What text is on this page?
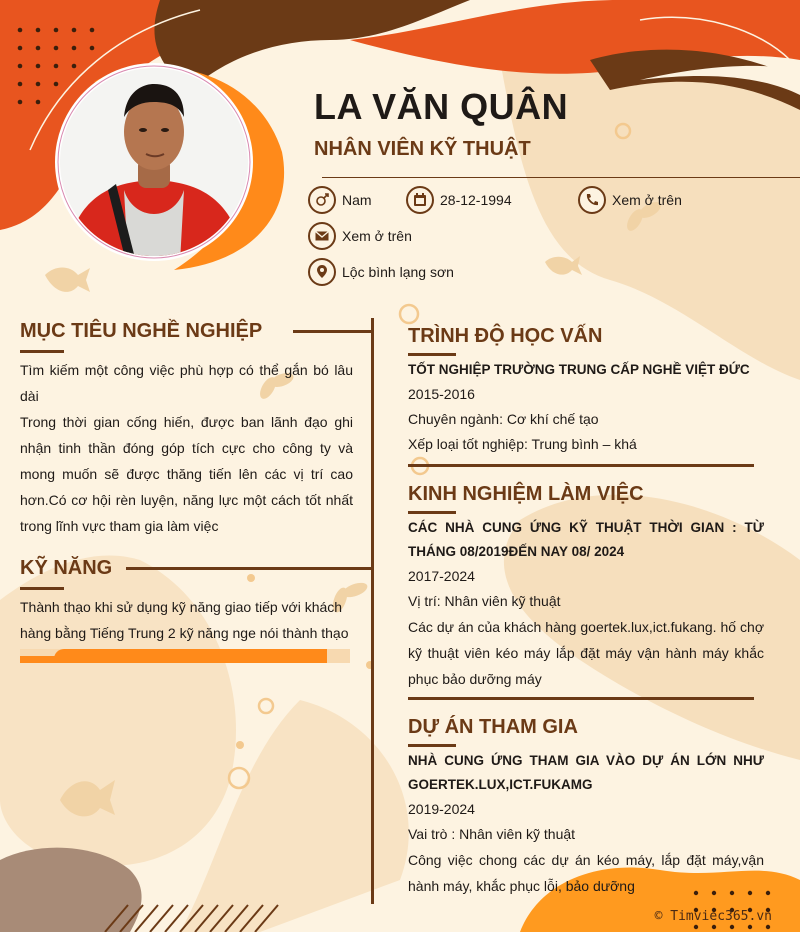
LA VĂN QUÂN
NHÂN VIÊN KỸ THUẬT
Nam	28-12-1994	Xem ở trên
Xem ở trên
Lộc bình lạng sơn
MỤC TIÊU NGHỀ NGHIỆP

Tìm kiếm một công việc phù hợp có thể gắn bó lâu dài

Trong thời gian cống hiến, được ban lãnh đạo ghi nhận tinh thần đóng góp tích cực cho công ty và mong muốn sẽ được thăng tiến lên các vị trí cao hơn.Có cơ hội rèn luyện, năng lực một cách tốt nhất trong lĩnh vực tham gia làm việc

KỸ NĂNG
Thành thạo khi sử dụng kỹ năng giao tiếp với khách hàng bằng Tiếng Trung 2 kỹ năng nge nói thành thạo
TRÌNH ĐỘ HỌC VẤN
TỐT NGHIỆP TRƯỜNG TRUNG CẤP NGHỀ VIỆT ĐỨC
2015-2016
Chuyên ngành: Cơ khí chế tạo
Xếp loại tốt nghiệp: Trung bình – khá
KINH NGHIỆM LÀM VIỆC
CÁC NHÀ CUNG ỨNG KỸ THUẬT THỜI GIAN : TỪ THÁNG 08/2019ĐẾN NAY 08/ 2024
2017-2024
Vị trí: Nhân viên kỹ thuật
Các dự án của khách hàng goertek.lux,ict.fukang. hố chợ kỹ thuật viên kéo máy lắp đặt máy vận hành máy khắc phục bảo dưỡng máy
DỰ ÁN THAM GIA
NHÀ CUNG ỨNG THAM GIA VÀO DỰ ÁN LỚN NHƯ GOERTEK.LUX,ICT.FUKAMG
2019-2024
Vai trò : Nhân viên kỹ thuật
Công việc chong các dự án kéo máy, lắp đặt máy,vận hành máy, khắc phục lỗi, bảo dưỡng
© Timviec365.vn
